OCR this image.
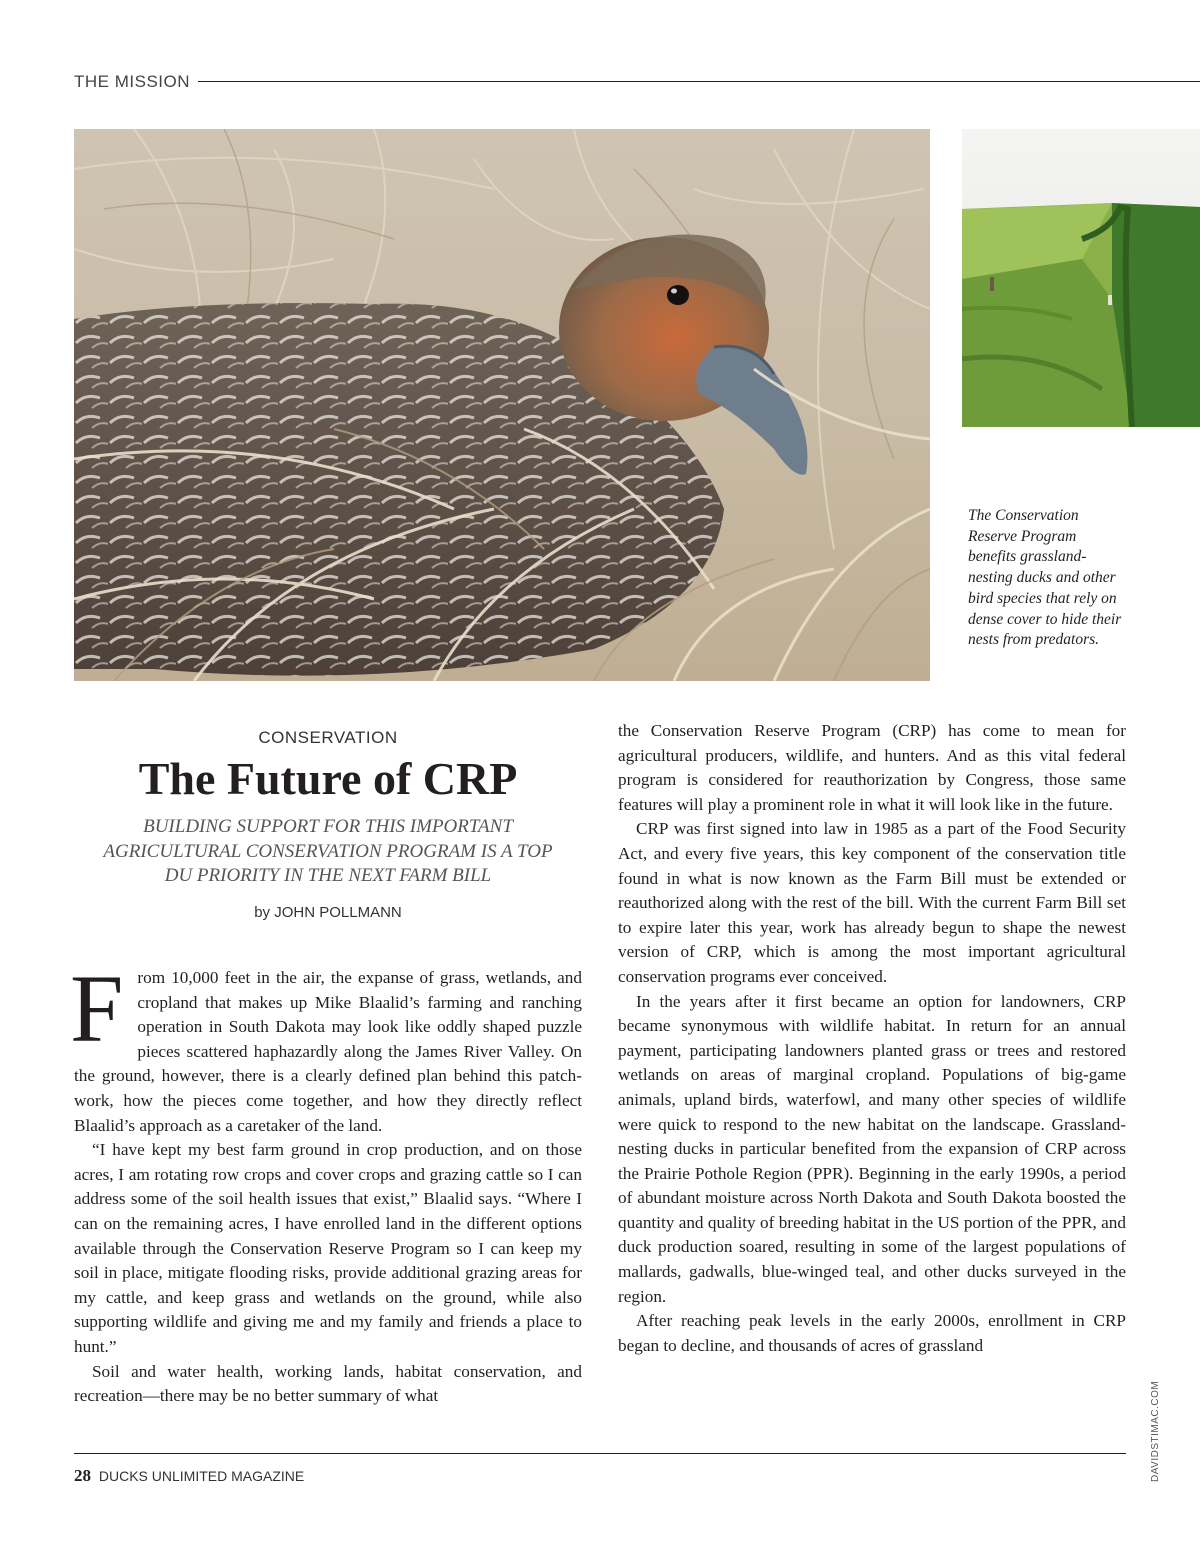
THE MISSION
The Conservation Reserve Program benefits grassland-nesting ducks and other bird species that rely on dense cover to hide their nests from predators.
CONSERVATION
The Future of CRP
BUILDING SUPPORT FOR THIS IMPORTANT AGRICULTURAL CONSERVATION PROGRAM IS A TOP DU PRIORITY IN THE NEXT FARM BILL
by JOHN POLLMANN

From 10,000 feet in the air, the expanse of grass, wetlands, and cropland that makes up Mike Blaalid’s farming and ranching operation in South Dakota may look like oddly shaped puzzle pieces scattered haphazardly along the James River Valley. On the ground, however, there is a clearly defined plan behind this patchwork, how the pieces come together, and how they directly reflect Blaalid’s approach as a caretaker of the land.

“I have kept my best farm ground in crop production, and on those acres, I am rotating row crops and cover crops and grazing cattle so I can address some of the soil health issues that exist,” Blaalid says. “Where I can on the remaining acres, I have enrolled land in the different options available through the Conservation Reserve Program so I can keep my soil in place, mitigate flooding risks, provide additional grazing areas for my cattle, and keep grass and wetlands on the ground, while also supporting wildlife and giving me and my family and friends a place to hunt.”

Soil and water health, working lands, habitat conservation, and recreation—there may be no better summary of what

the Conservation Reserve Program (CRP) has come to mean for agricultural producers, wildlife, and hunters. And as this vital federal program is considered for reauthorization by Congress, those same features will play a prominent role in what it will look like in the future.

CRP was first signed into law in 1985 as a part of the Food Security Act, and every five years, this key component of the conservation title found in what is now known as the Farm Bill must be extended or reauthorized along with the rest of the bill. With the current Farm Bill set to expire later this year, work has already begun to shape the newest version of CRP, which is among the most important agricultural conservation programs ever conceived.

In the years after it first became an option for landowners, CRP became synonymous with wildlife habitat. In return for an annual payment, participating landowners planted grass or trees and restored wetlands on areas of marginal cropland. Populations of big-game animals, upland birds, waterfowl, and many other species of wildlife were quick to respond to the new habitat on the landscape. Grassland-nesting ducks in particular benefited from the expansion of CRP across the Prairie Pothole Region (PPR). Beginning in the early 1990s, a period of abundant moisture across North Dakota and South Dakota boosted the quantity and quality of breeding habitat in the US portion of the PPR, and duck production soared, resulting in some of the largest populations of mallards, gadwalls, blue-winged teal, and other ducks surveyed in the region.

After reaching peak levels in the early 2000s, enrollment in CRP began to decline, and thousands of acres of grassland

DAVIDSTIMAC.COM
28 DUCKS UNLIMITED MAGAZINE
